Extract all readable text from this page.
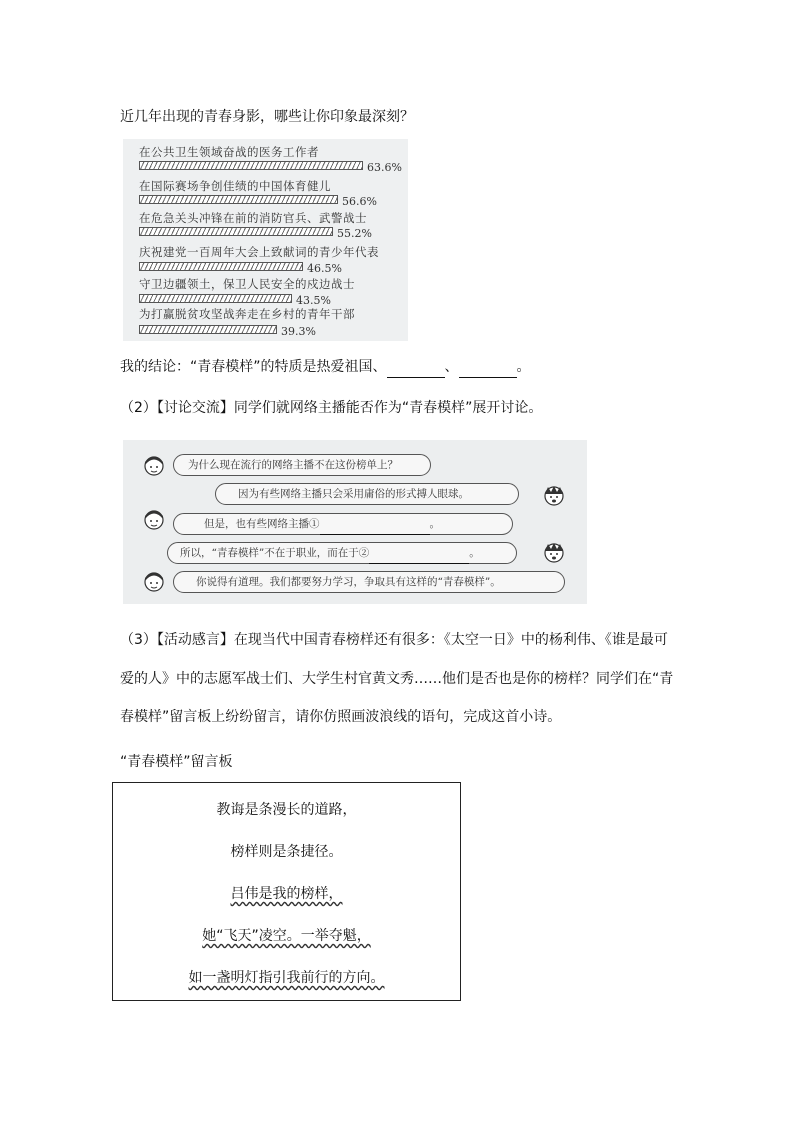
近几年出现的青春身影，哪些让你印象最深刻？
在公共卫生领域奋战的医务工作者
63.6%
在国际赛场争创佳绩的中国体育健儿
56.6%
在危急关头冲锋在前的消防官兵、武警战士
55.2%
庆祝建党一百周年大会上致献词的青少年代表
46.5%
守卫边疆领土，保卫人民安全的戍边战士
43.5%
为打赢脱贫攻坚战奔走在乡村的青年干部
39.3%
我的结论：“青春模样”的特质是热爱祖国、	、	。
（2）【讨论交流】同学们就网络主播能否作为“青春模样”展开讨论。
为什么现在流行的网络主播不在这份榜单上？
因为有些网络主播只会采用庸俗的形式搏人眼球。
但是，也有些网络主播①	。
所以，“青春模样”不在于职业，而在于②	。
你说得有道理。我们都要努力学习，争取具有这样的“青春模样”。
（3）【活动感言】在现当代中国青春榜样还有很多：《太空一日》中的杨利伟、《谁是最可
爱的人》中的志愿军战士们、大学生村官黄文秀……他们是否也是你的榜样？同学们在“青
春模样”留言板上纷纷留言，请你仿照画波浪线的语句，完成这首小诗。
“青春模样”留言板
教诲是条漫长的道路，
榜样则是条捷径。
吕伟是我的榜样，
她“飞天”凌空。一举夺魁，
如一盏明灯指引我前行的方向。
